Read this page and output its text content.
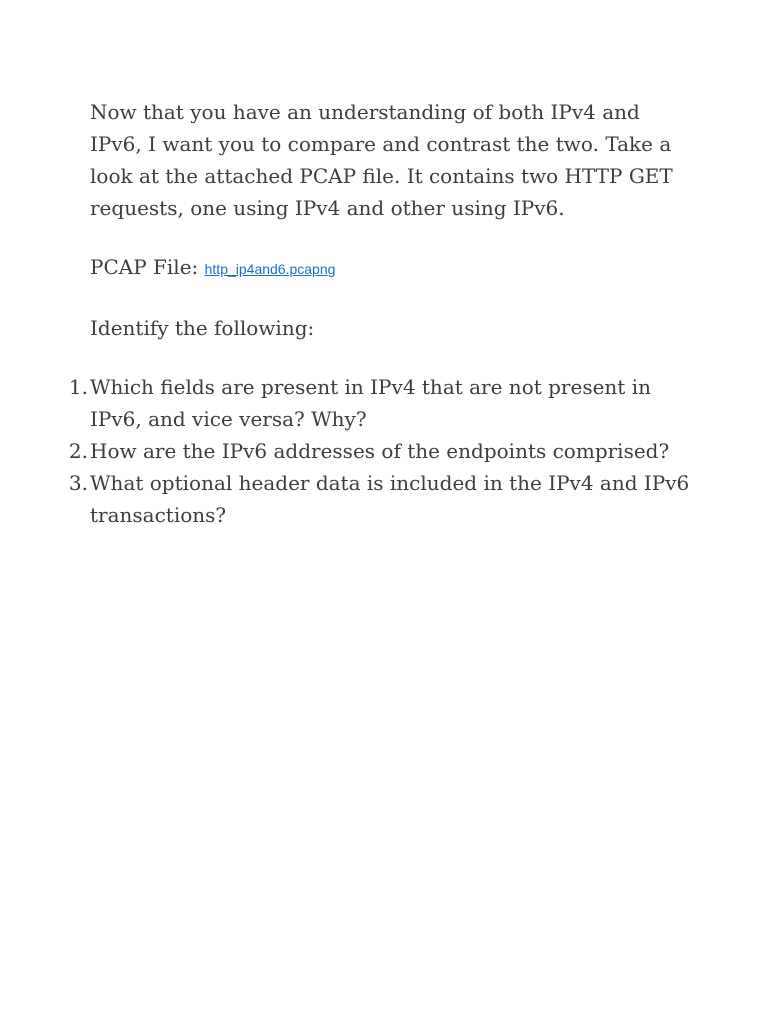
Now that you have an understanding of both IPv4 and IPv6, I want you to compare and contrast the two. Take a look at the attached PCAP file. It contains two HTTP GET requests, one using IPv4 and other using IPv6.

PCAP File: http_ip4and6.pcapng

Identify the following:

1. Which fields are present in IPv4 that are not present in IPv6, and vice versa? Why?
2. How are the IPv6 addresses of the endpoints comprised?
3. What optional header data is included in the IPv4 and IPv6 transactions?
